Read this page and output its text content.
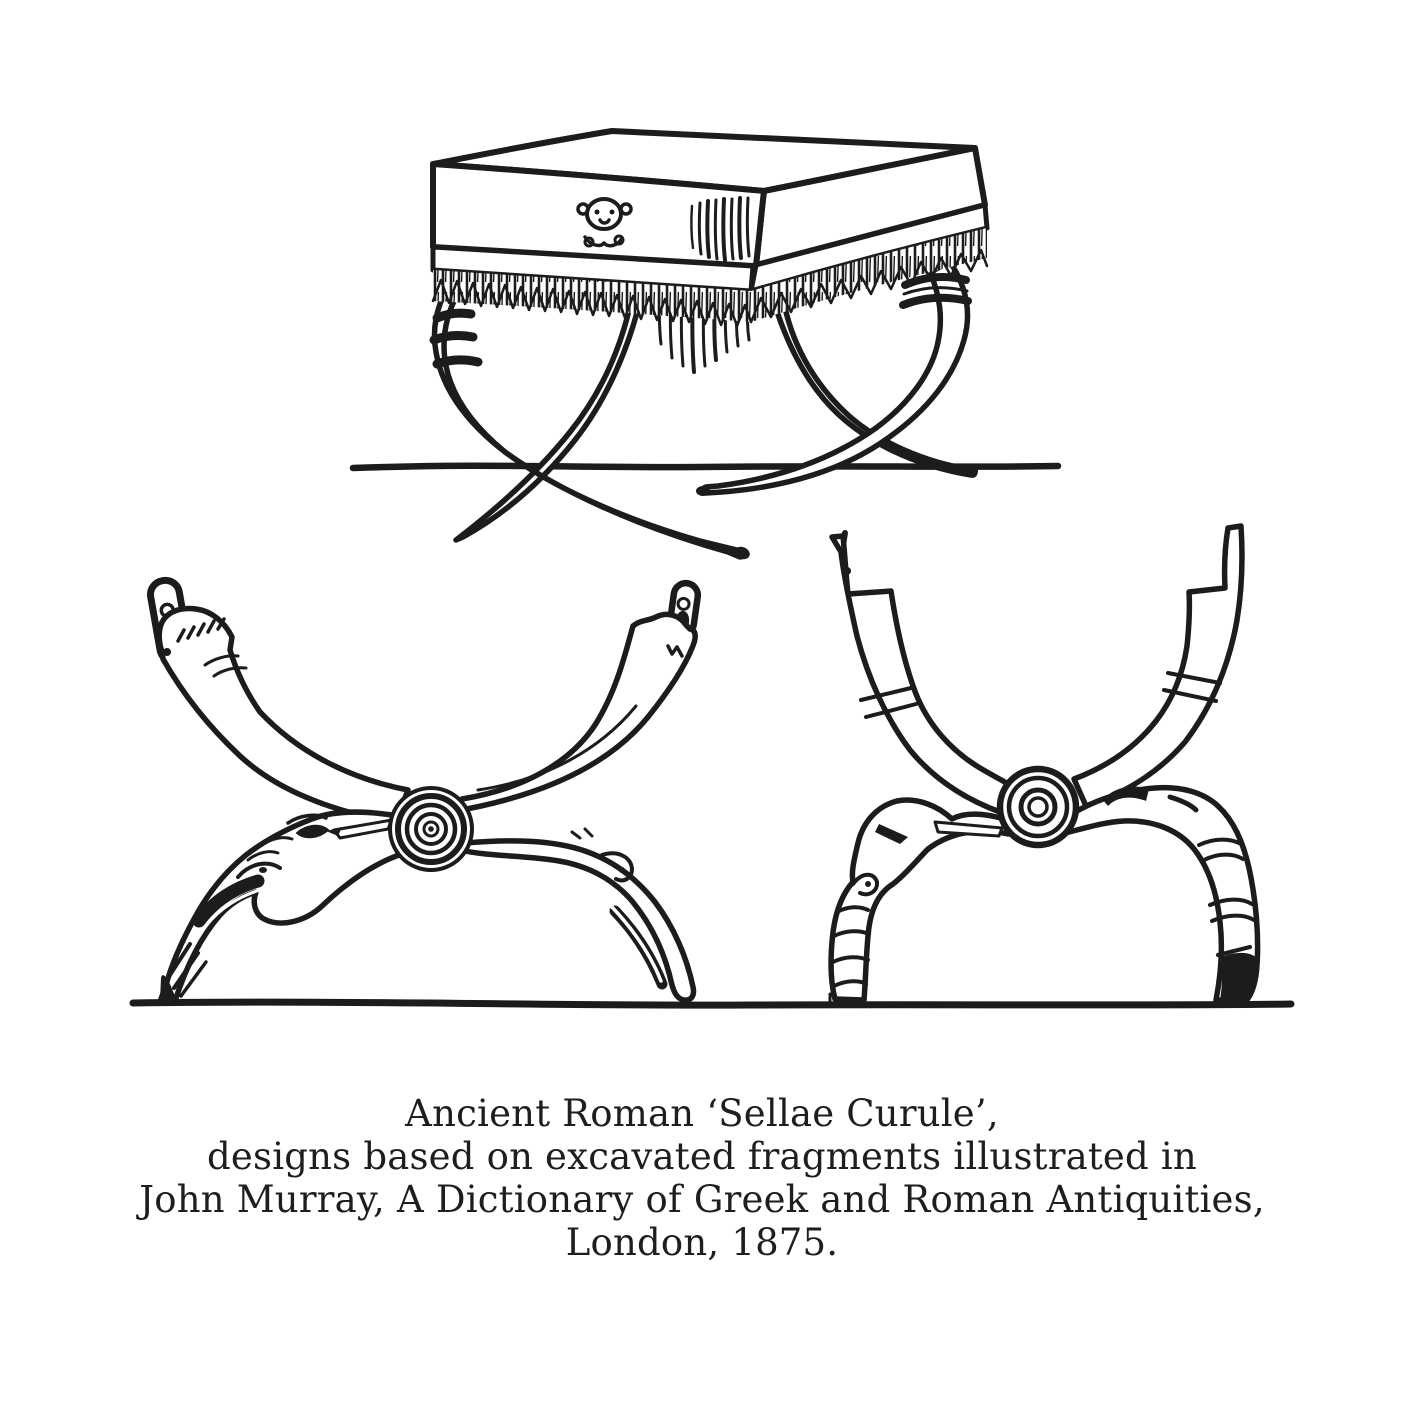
Ancient Roman ‘Sellae Curule’,
designs based on excavated fragments illustrated in
John Murray, A Dictionary of Greek and Roman Antiquities,
London, 1875.
